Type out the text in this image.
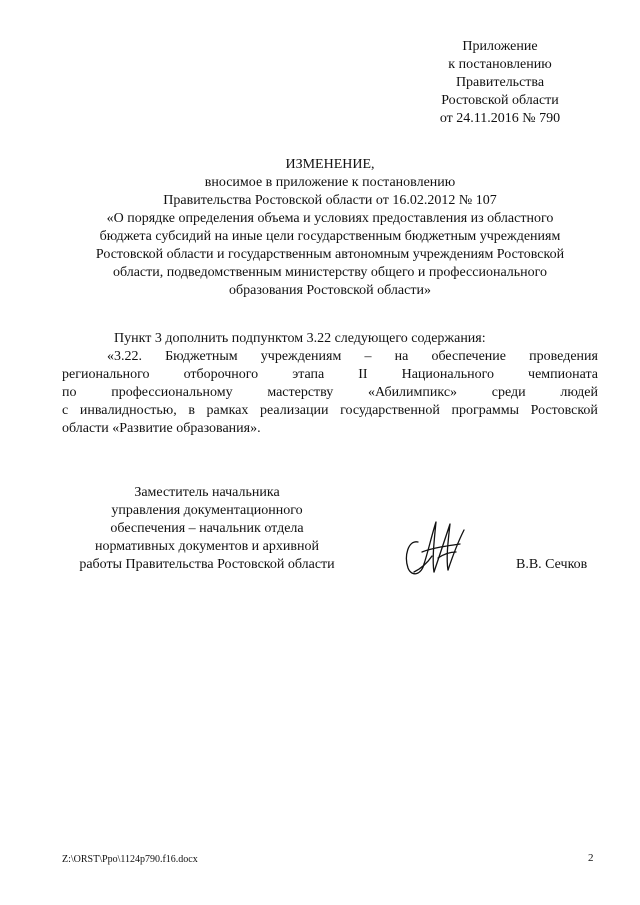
Приложение
к постановлению
Правительства
Ростовской области
от 24.11.2016 № 790
ИЗМЕНЕНИЕ,
вносимое в приложение к постановлению
Правительства Ростовской области от 16.02.2012 № 107
«О порядке определения объема и условиях предоставления из областного
бюджета субсидий на иные цели государственным бюджетным учреждениям
Ростовской области и государственным автономным учреждениям Ростовской
области, подведомственным министерству общего и профессионального
образования Ростовской области»
Пункт 3 дополнить подпунктом 3.22 следующего содержания:
«3.22. Бюджетным учреждениям – на обеспечение проведения
регионального отборочного этапа II Национального чемпионата
по профессиональному мастерству «Абилимпикс» среди людей
с инвалидностью, в рамках реализации государственной программы Ростовской
области «Развитие образования».
Заместитель начальника
управления документационного
обеспечения – начальник отдела
нормативных документов и архивной
работы Правительства Ростовской области	В.В. Сечков
Z:\ORST\Ppo\1124p790.f16.docx	2
